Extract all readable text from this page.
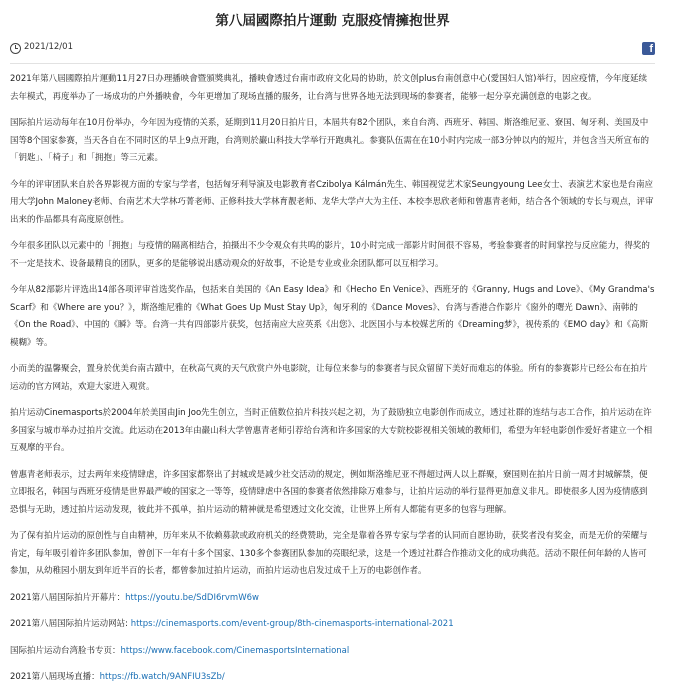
第八屆國際拍片運動 克服疫情擁抱世界
2021/12/01	f

2021年第八屆國際拍片運動11月27日办理播映會暨頒獎典礼，播映會透过台南市政府文化局的协助，於文创plus台南创意中心(愛国妇人馆)举行，因应疫情，今年度延续去年模式，再度举办了一场成功的户外播映會，今年更增加了现场直播的服务，让台湾与世界各地无法到现场的参赛者，能够一起分享充满创意的电影之夜。

国际拍片运动每年在10月份举办，今年因为疫情的关系，延期到11月20日拍片日，本屆共有82个团队，来自台湾、西班牙、韩国、斯洛维尼亚、寮国、匈牙利、美国及中国等8个国家参赛，当天各自在不同时区的早上9点开跑，台湾则於巖山科技大学举行开跑典礼。参赛队伍需在在10小时内完成一部3分钟以内的短片，并包含当天所宣布的「钥匙」、「椅子」和「拥抱」等三元素。

今年的评审团队来自於各界影视方面的专家与学者，包括匈牙利导演及电影教育者Czibolya Kálmán先生、韩国视觉艺术家Seungyoung Lee女士、表演艺术家也是台南应用大学John Maloney老师、台南艺术大学林巧菁老师、正修科技大学林育靓老师、龙华大学卢大为主任、本校李思欣老师和曾惠青老师，结合各个领域的专长与观点，评审出来的作品都具有高度原创性。

今年很多团队以元素中的「拥抱」与疫情的隔离相结合，拍摄出不少令观众有共鸣的影片，10小时完成一部影片时间很不容易，考验参赛者的时间掌控与反应能力，得奖的不一定是技术、设备最精良的团队，更多的是能够说出感动观众的好故事，不论是专业或业余团队都可以互相学习。

今年从82部影片评选出14部各项评审首选奖作品，包括来自美国的《An Easy Idea》和《Hecho En Venice》、西班牙的《Granny, Hugs and Love》、《My Grandma's Scarf》和《Where are you？》，斯洛维尼雅的《What Goes Up Must Stay Up》，匈牙利的《Dance Moves》、台湾与香港合作影片《窗外的曙光 Dawn》、南韩的《On the Road》、中国的《瞬》等。台湾一共有四部影片获奖，包括南应大应英系《出您》、北医国小与本校媒艺所的《Dreaming梦》，视传系的《EMO day》和《高斯模糊》等。

小而美的温馨聚会，置身於优美台南古蹟中，在秋高气爽的天气欣赏户外电影院，让每位来参与的参赛者与民众留留下美好而难忘的体验。所有的参赛影片已经公布在拍片运动的官方网站，欢迎大家进入观赏。

拍片运动Cinemasports於2004年於美国由Jin Joo先生创立，当时正值数位拍片科技兴起之初，为了鼓励独立电影创作而成立，透过社群的连结与志工合作，拍片运动在许多国家与城市举办过拍片交流。此运动在2013年由巖山科大学曾惠青老师引荐给台湾和许多国家的大专院校影视相关领域的教师们，希望为年轻电影创作爱好者建立一个相互观摩的平台。

曾惠青老师表示，过去两年来疫情肆虐，许多国家都祭出了封城或是减少社交活动的规定，例如斯洛维尼亚不得超过两人以上群聚，寮国则在拍片日前一周才封城解禁，便立即报名，韩国与西班牙疫情是世界最严峻的国家之一等等，疫情肆虐中各国的参赛者依然排除万难参与，让拍片运动的举行显得更加意义非凡。即使很多人因为疫情感到恐惧与无助，透过拍片运动发现，彼此并不孤单，拍片运动的精神就是希望透过文化交流，让世界上所有人都能有更多的包容与理解。

为了保有拍片运动的原创性与自由精神，历年来从不依赖募款或政府机关的经费赞助，完全是靠着各界专家与学者的认同而自愿协助，获奖者没有奖金，而是无价的荣耀与肯定，每年吸引着许多团队参加，曾创下一年有十多个国家、130多个参赛团队参加的亮眼纪录，这是一个透过社群合作推动文化的成功典范。活动不限任何年龄的人皆可参加，从幼稚园小朋友到年近半百的长者，都曾参加过拍片运动，而拍片运动也启发过成千上万的电影创作者。

2021第八屆国际拍片开幕片：https://youtu.be/SdDI6rvmW6w
2021第八屆国际拍片运动网站: https://cinemasports.com/event-group/8th-cinemasports-international-2021
国际拍片运动台湾脸书专页：https://www.facebook.com/CinemasportsInternational
2021第八屆现场直播：https://fb.watch/9ANFIU3sZb/
